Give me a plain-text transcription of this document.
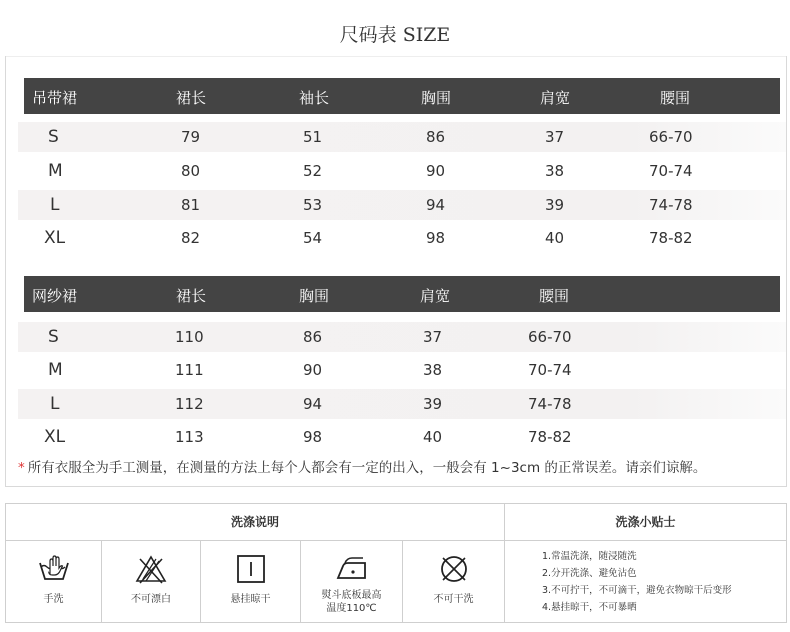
尺码表 SIZE
吊带裙	裙长	袖长	胸围	肩宽	腰围
S	79	51	86	37	66-70
M	80	52	90	38	70-74
L	81	53	94	39	74-78
XL	82	54	98	40	78-82
网纱裙	裙长	胸围	肩宽	腰围
S	110	86	37	66-70
M	111	90	38	70-74
L	112	94	39	74-78
XL	113	98	40	78-82
* 所有衣服全为手工测量，在测量的方法上每个人都会有一定的出入，一般会有 1~3cm 的正常误差。请亲们谅解。
洗涤说明	洗涤小贴士
手洗	不可漂白	悬挂晾干	熨斗底板最高
温度110℃
不可干洗
1.常温洗涤，随浸随洗
2.分开洗涤、避免沾色
3.不可拧干，不可滴干，避免衣物晾干后变形
4.悬挂晾干，不可暴晒
